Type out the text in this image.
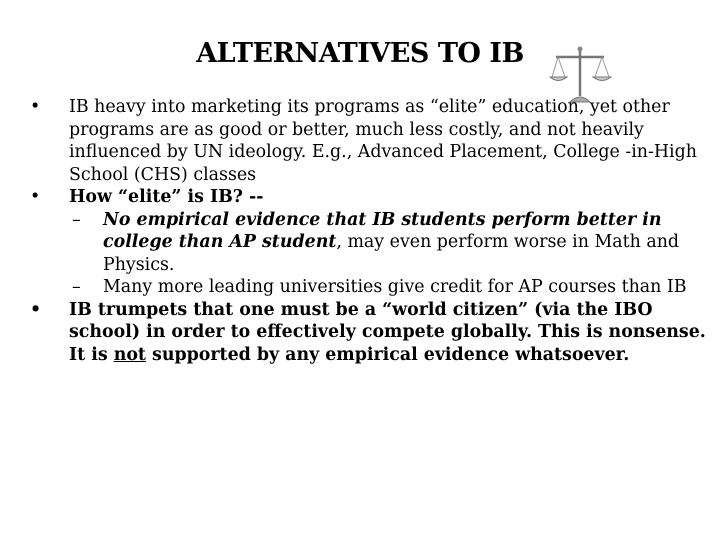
ALTERNATIVES TO IB
• IB heavy into marketing its programs as “elite” education, yet other programs are as good or better, much less costly, and not heavily influenced by UN ideology. E.g., Advanced Placement, College -in-High School (CHS) classes
• How “elite” is IB? --
– No empirical evidence that IB students perform better in college than AP student, may even perform worse in Math and Physics.
– Many more leading universities give credit for AP courses than IB
• IB trumpets that one must be a “world citizen” (via the IBO school) in order to effectively compete globally. This is nonsense. It is not supported by any empirical evidence whatsoever.
